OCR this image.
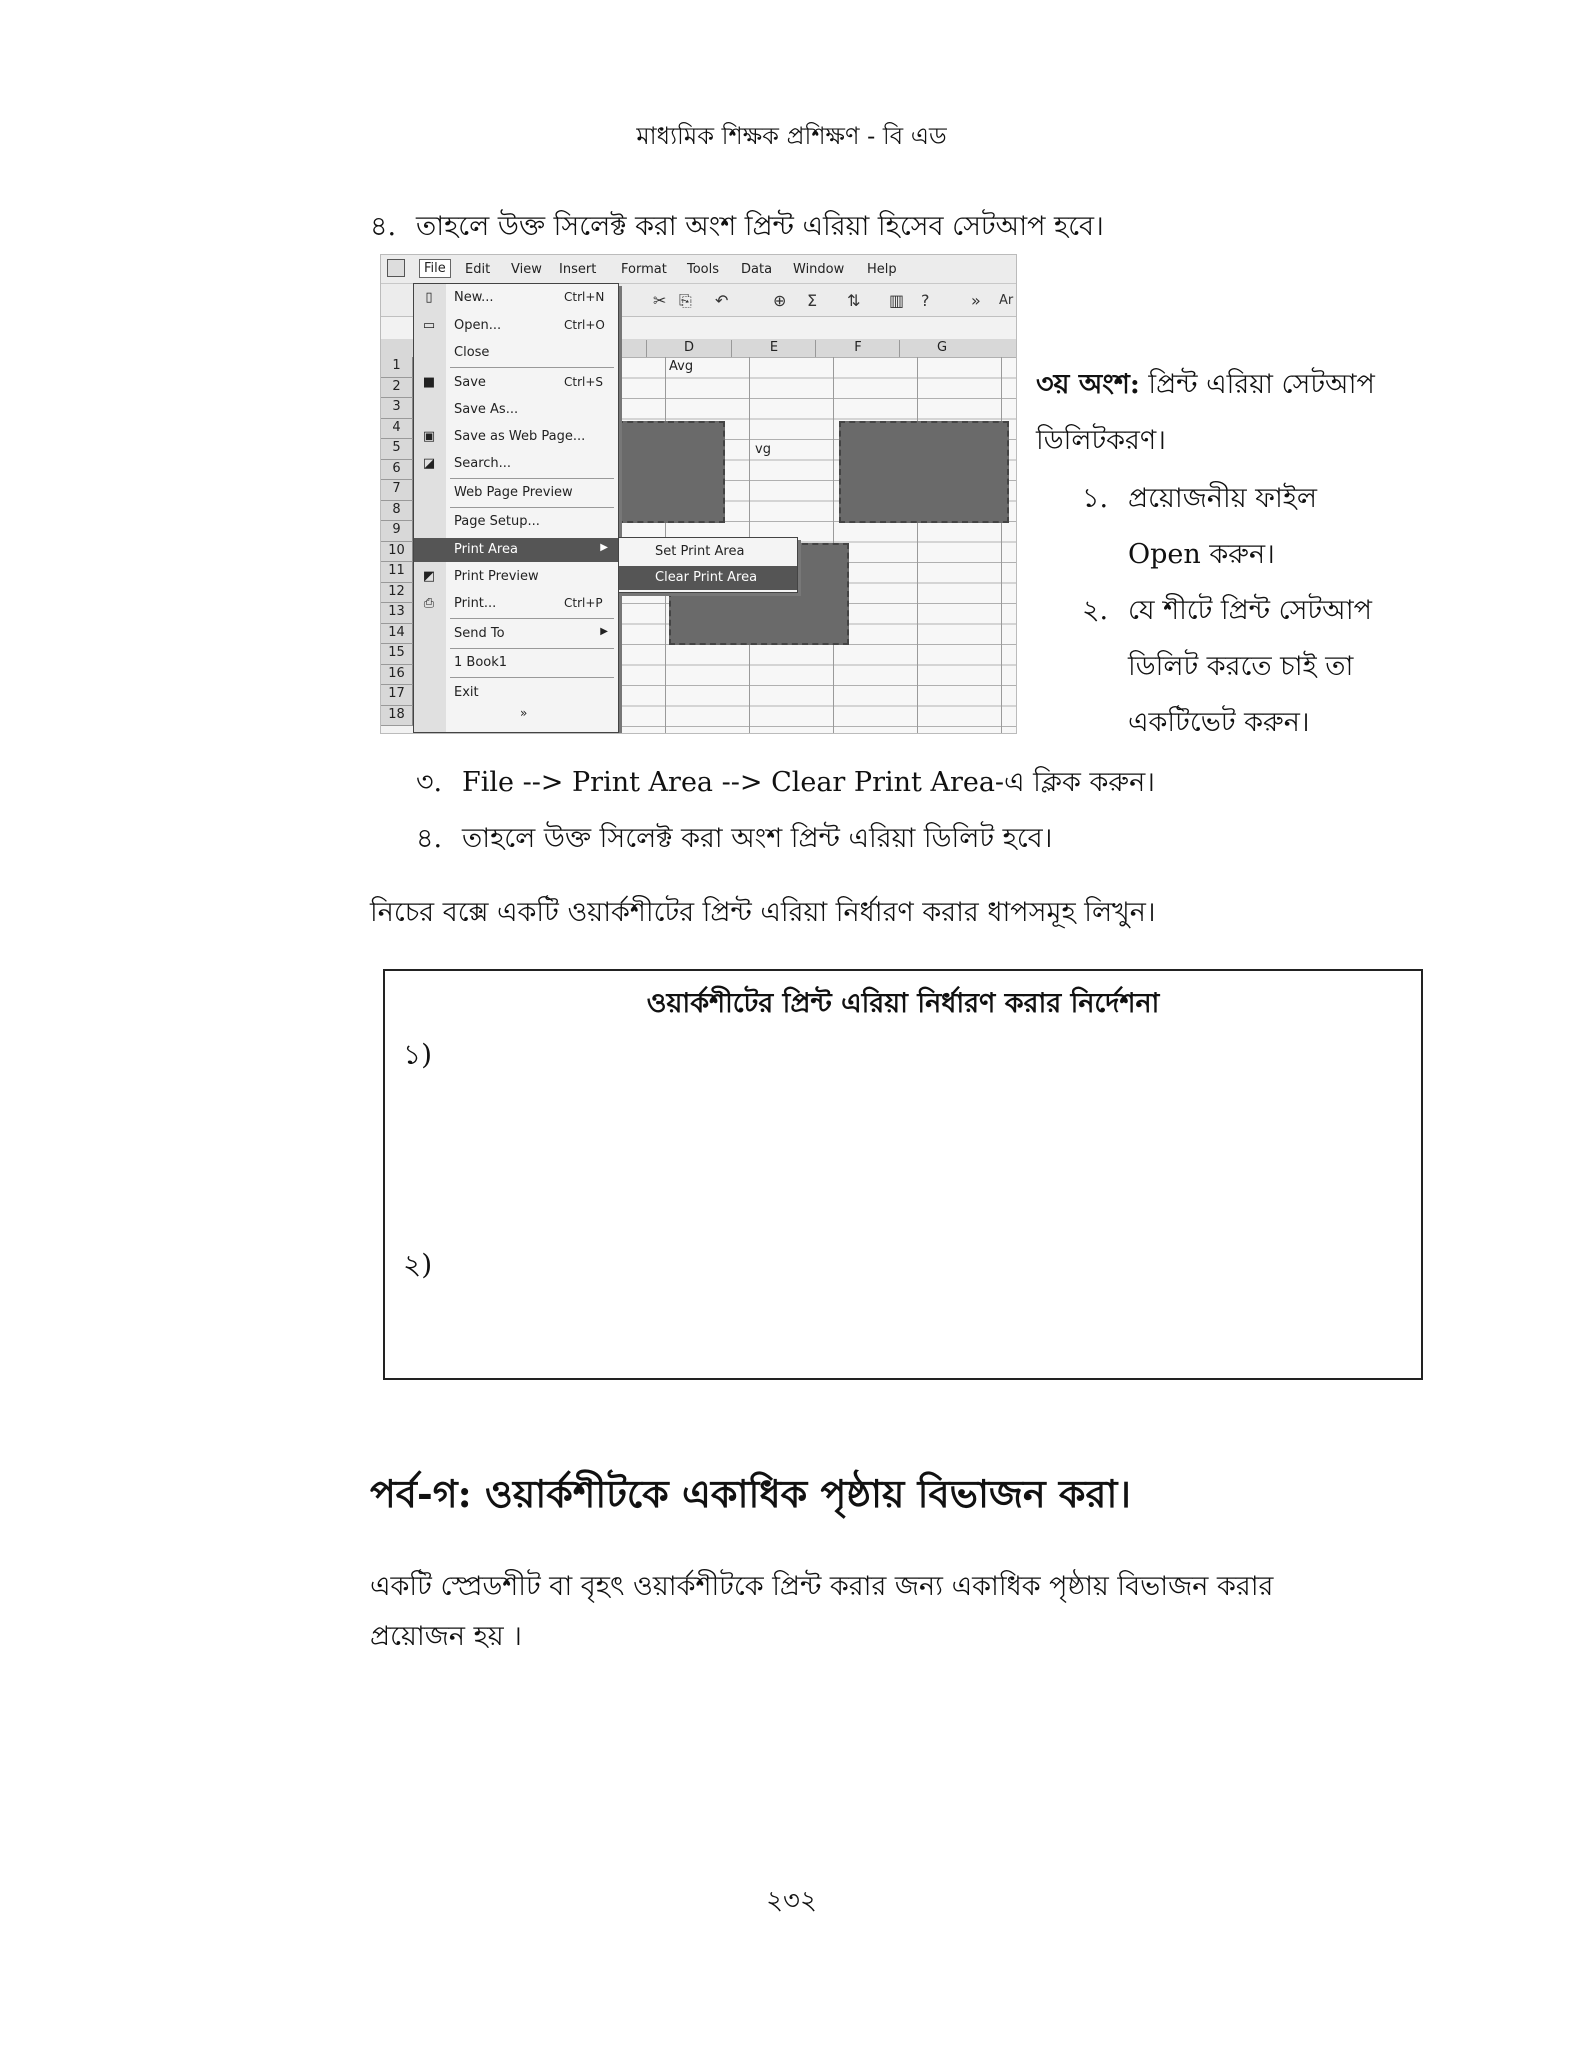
মাধ্যমিক শিক্ষক প্রশিক্ষণ - বি এড
৪. তাহলে উক্ত সিলেক্ট করা অংশ প্রিন্ট এরিয়া হিসেব সেটআপ হবে।
File	Edit View Insert Format Tools Data Window Help
✂ ⎘ ↶	⊕ Σ ⇅ ▥ ?	» Ar
D	E	F	G
1
2
3
4
5
6
7
8
9
10
11
12
13
14
15
16
17
18
Avg
vg
▯	New...	Ctrl+N
▭ Open...	Ctrl+O
Close
■ Save	Ctrl+S
Save As...
▣ Save as Web Page...
◪ Search...
Web Page Preview
Page Setup...
Print Area	▶
◩ Print Preview
⎙ Print...	Ctrl+P
Send To	▶
1 Book1
Exit
»
Set Print Area
Clear Print Area
৩য় অংশ: প্রিন্ট এরিয়া সেটআপ
ডিলিটকরণ।
১. প্রয়োজনীয় ফাইল
Open করুন।
২. যে শীটে প্রিন্ট সেটআপ
ডিলিট করতে চাই তা
একটিভেট করুন।
৩. File --> Print Area --> Clear Print Area-এ ক্লিক করুন।
৪. তাহলে উক্ত সিলেক্ট করা অংশ প্রিন্ট এরিয়া ডিলিট হবে।
নিচের বক্সে একটি ওয়ার্কশীটের প্রিন্ট এরিয়া নির্ধারণ করার ধাপসমূহ লিখুন।
ওয়ার্কশীটের প্রিন্ট এরিয়া নির্ধারণ করার নির্দেশনা
১)
২)
পর্ব-গ: ওয়ার্কশীটকে একাধিক পৃষ্ঠায় বিভাজন করা।
একটি স্প্রেডশীট বা বৃহৎ ওয়ার্কশীটকে প্রিন্ট করার জন্য একাধিক পৃষ্ঠায় বিভাজন করার
প্রয়োজন হয় ।
২৩২
